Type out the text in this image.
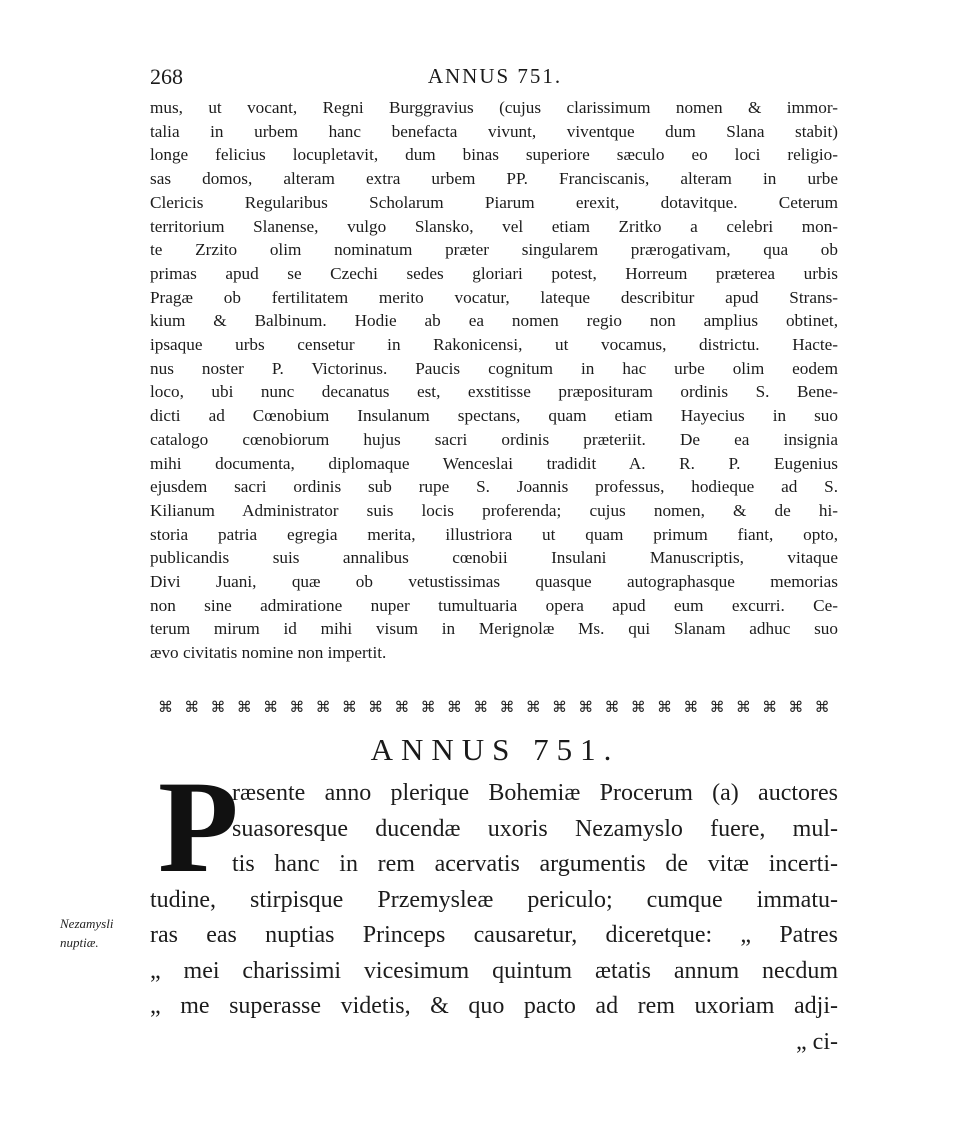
268	ANNUS 751.
mus, ut vocant, Regni Burggravius (cujus clarissimum nomen & immor-
talia in urbem hanc benefacta vivunt, viventque dum Slana stabit)
longe felicius locupletavit, dum binas superiore sæculo eo loci religio-
sas domos, alteram extra urbem PP. Franciscanis, alteram in urbe
Clericis Regularibus Scholarum Piarum erexit, dotavitque. Ceterum
territorium Slanense, vulgo Slansko, vel etiam Zritko a celebri mon-
te Zrzito olim nominatum præter singularem prærogativam, qua ob
primas apud se Czechi sedes gloriari potest, Horreum præterea urbis
Pragæ ob fertilitatem merito vocatur, lateque describitur apud Strans-
kium & Balbinum. Hodie ab ea nomen regio non amplius obtinet,
ipsaque urbs censetur in Rakonicensi, ut vocamus, districtu. Hacte-
nus noster P. Victorinus. Paucis cognitum in hac urbe olim eodem
loco, ubi nunc decanatus est, exstitisse præposituram ordinis S. Bene-
dicti ad Cœnobium Insulanum spectans, quam etiam Hayecius in suo
catalogo cœnobiorum hujus sacri ordinis præteriit. De ea insignia
mihi documenta, diplomaque Wenceslai tradidit A. R. P. Eugenius
ejusdem sacri ordinis sub rupe S. Joannis professus, hodieque ad S.
Kilianum Administrator suis locis proferenda; cujus nomen, & de hi-
storia patria egregia merita, illustriora ut quam primum fiant, opto,
publicandis suis annalibus cœnobii Insulani Manuscriptis, vitaque
Divi Juani, quæ ob vetustissimas quasque autographasque memorias
non sine admiratione nuper tumultuaria opera apud eum excurri. Ce-
terum mirum id mihi visum in Merignolæ Ms. qui Slanam adhuc suo
ævo civitatis nomine non impertit.
⌘ ⌘ ⌘ ⌘ ⌘ ⌘ ⌘ ⌘ ⌘ ⌘ ⌘ ⌘ ⌘ ⌘ ⌘ ⌘ ⌘ ⌘ ⌘ ⌘ ⌘ ⌘ ⌘ ⌘ ⌘ ⌘
ANNUS 751.
P
ræsente anno plerique Bohemiæ Procerum (a) auctores
suasoresque ducendæ uxoris Nezamyslo fuere, mul-
tis hanc in rem acervatis argumentis de vitæ incerti-
tudine, stirpisque Przemysleæ periculo; cumque immatu-
ras eas nuptias Princeps causaretur, diceretque: „ Patres
„ mei charissimi vicesimum quintum ætatis annum necdum
„ me superasse videtis, & quo pacto ad rem uxoriam adji-
„ ci-
Nezamysli
nuptiæ.
